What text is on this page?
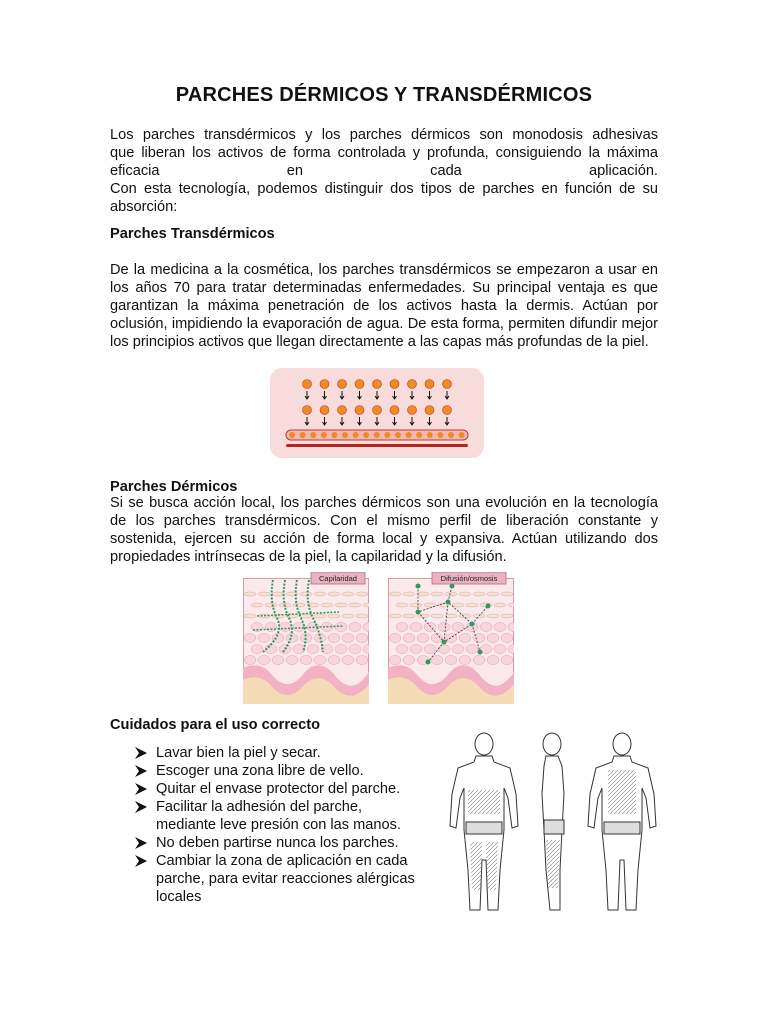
PARCHES DÉRMICOS Y TRANSDÉRMICOS
Los parches transdérmicos y los parches dérmicos son monodosis adhesivas
que liberan los activos de forma controlada y profunda, consiguiendo la máxima
eficacia	en	cada	aplicación.
Con esta tecnología, podemos distinguir dos tipos de parches en función de su
absorción:
Parches Transdérmicos

De la medicina a la cosmética, los parches transdérmicos se empezaron a usar en los años 70 para tratar determinadas enfermedades. Su principal ventaja es que garantizan la máxima penetración de los activos hasta la dermis. Actúan por oclusión, impidiendo la evaporación de agua. De esta forma, permiten difundir mejor los principios activos que llegan directamente a las capas más profundas de la piel.

Parches Dérmicos

Si se busca acción local, los parches dérmicos son una evolución en la tecnología de los parches transdérmicos. Con el mismo perfil de liberación constante y sostenida, ejercen su acción de forma local y expansiva. Actúan utilizando dos propiedades intrínsecas de la piel, la capilaridad y la difusión.

Capilaridad	Difusión/osmosis
Cuidados para el uso correcto
Lavar bien la piel y secar.
Escoger una zona libre de vello.
Quitar el envase protector del parche.
Facilitar la adhesión del parche,
mediante leve presión con las manos.
No deben partirse nunca los parches.
Cambiar la zona de aplicación en cada
parche, para evitar reacciones alérgicas
locales
